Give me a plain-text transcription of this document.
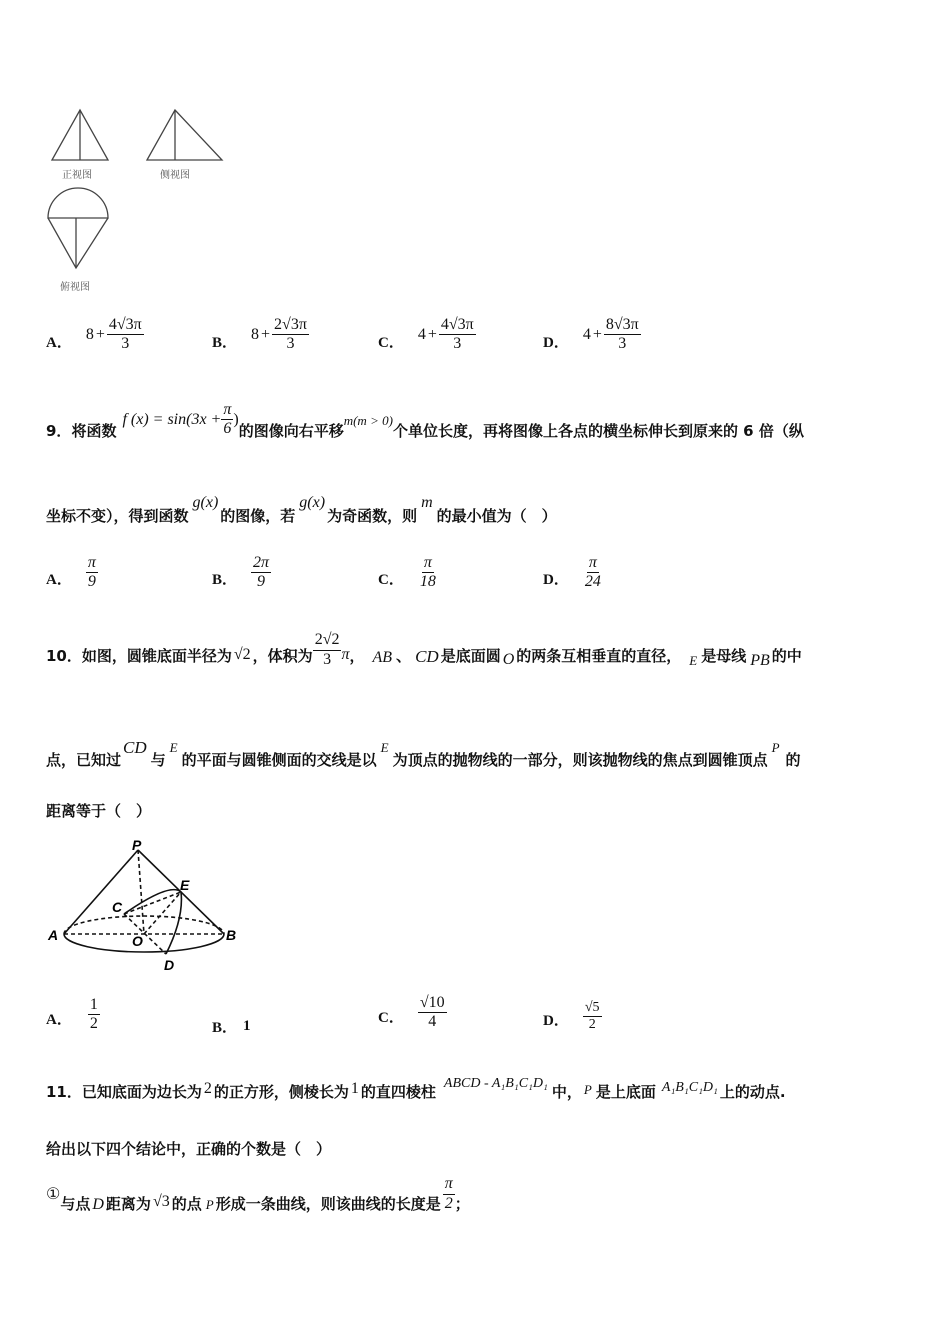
正视图	侧视图
俯视图
A．
$8 + \frac{4√3\pi}{3}$	B．
$8 + \frac{2√3\pi}{3}$	C．
$4 + \frac{4√3\pi}{3}$	D．
$4 + \frac{8√3\pi}{3}$
9． 将函数
f $(x) = \sin(3x + \frac{\pi}{6}$ )
的图像向右平移
m(m > 0)
个单位长度，再将图像上各点的横坐标伸长到原来的 6 倍（纵
坐标不变），得到函数
g(x)
的图像，若
g(x)
为奇函数，则
m
的最小值为（　）
A． $\frac{\pi}{9}$	B． $\frac{2\pi}{9}$	C． $\frac{\pi}{18}$	D． $\frac{\pi}{24}$
10． 如图，圆锥底面半径为 √2 ，体积为 $\frac{2√2}{3}$ π ， AB 、 CD 是底面圆 O 的两条互相垂直的直径， E 是母线 PB 的中
点，已知过
CD
与
E
的平面与圆锥侧面的交线是以
E
为顶点的抛物线的一部分，则该抛物线的焦点到圆锥顶点
P
的
距离等于（　）
P
E
C
A	O	B
D
A． $\frac{1}{2}$	B． 1	C． $\frac{√10}{4}$	D． $\frac{√5}{2}$
11． 已知底面为边长为 2 的正方形，侧棱长为 1 的直四棱柱 ABCD - A₁B₁C₁D₁ 中， P 是上底面 A₁B₁C₁D₁ 上的动点.
给出以下四个结论中，正确的个数是（　）
① 与点 D 距离为 √3 的点 P 形成一条曲线，则该曲线的长度是 $\frac{\pi}{2}$ ；
